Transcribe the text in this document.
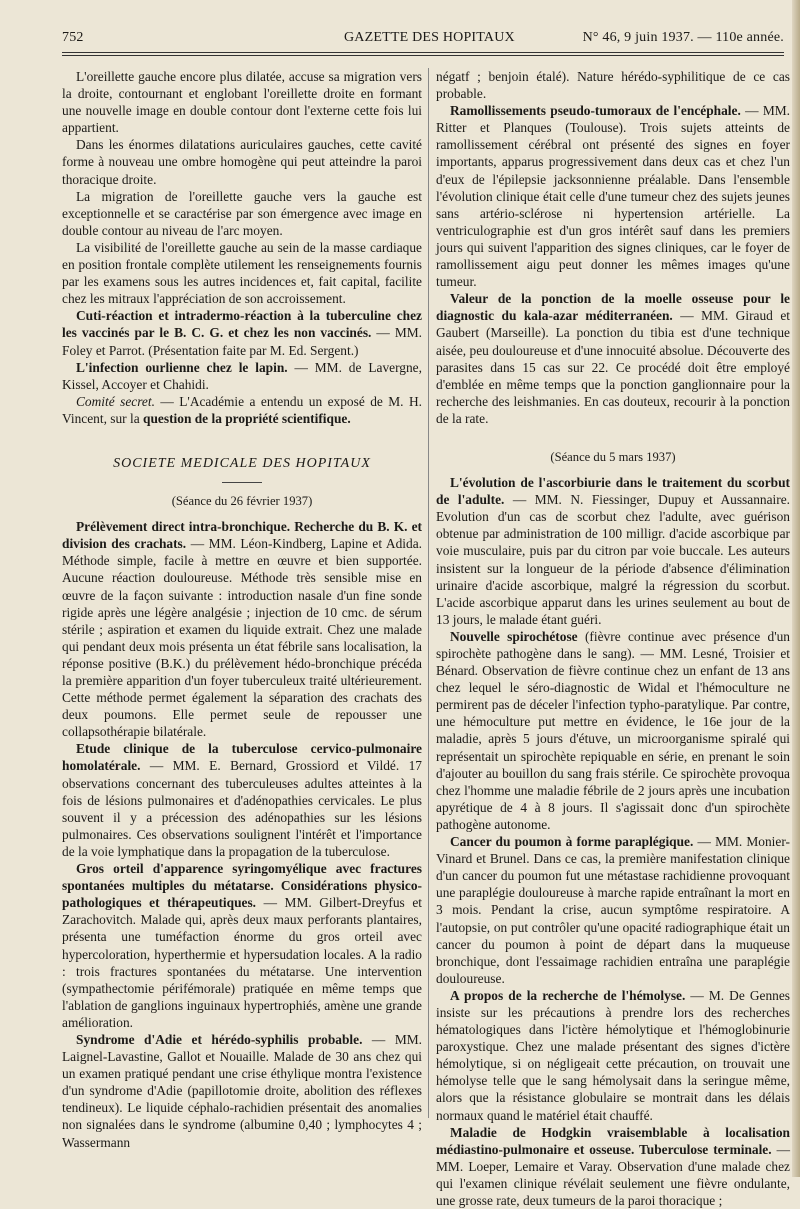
752	GAZETTE DES HOPITAUX	N° 46, 9 juin 1937. — 110e année.

L'oreillette gauche encore plus dilatée, accuse sa migration vers la droite, contournant et englobant l'oreillette droite en formant une nouvelle image en double contour dont l'externe cette fois lui appartient.

Dans les énormes dilatations auriculaires gauches, cette cavité forme à nouveau une ombre homogène qui peut atteindre la paroi thoracique droite.

La migration de l'oreillette gauche vers la gauche est exceptionnelle et se caractérise par son émergence avec image en double contour au niveau de l'arc moyen.

La visibilité de l'oreillette gauche au sein de la masse cardiaque en position frontale complète utilement les renseignements fournis par les examens sous les autres incidences et, fait capital, facilite chez les mitraux l'appréciation de son accroissement.

Cuti-réaction et intradermo-réaction à la tuberculine chez les vaccinés par le B. C. G. et chez les non vaccinés. — MM. Foley et Parrot. (Présentation faite par M. Ed. Sergent.)

L'infection ourlienne chez le lapin. — MM. de Lavergne, Kissel, Accoyer et Chahidi.

Comité secret. — L'Académie a entendu un exposé de M. H. Vincent, sur la question de la propriété scientifique.

SOCIETE MEDICALE DES HOPITAUX

(Séance du 26 février 1937)

Prélèvement direct intra-bronchique. Recherche du B. K. et division des crachats. — MM. Léon-Kindberg, Lapine et Adida. Méthode simple, facile à mettre en œuvre et bien supportée. Aucune réaction douloureuse. Méthode très sensible mise en œuvre de la façon suivante : introduction nasale d'un fine sonde rigide après une légère analgésie ; injection de 10 cmc. de sérum stérile ; aspiration et examen du liquide extrait. Chez une malade qui pendant deux mois présenta un état fébrile sans localisation, la réponse positive (B.K.) du prélèvement hédo-bronchique précéda la première apparition d'un foyer tuberculeux traité ultérieurement. Cette méthode permet également la séparation des crachats des deux poumons. Elle permet seule de repousser une collapsothérapie bilatérale.

Etude clinique de la tuberculose cervico-pulmonaire homolatérale. — MM. E. Bernard, Grossiord et Vildé. 17 observations concernant des tuberculeuses adultes atteintes à la fois de lésions pulmonaires et d'adénopathies cervicales. Le plus souvent il y a précession des adénopathies sur les lésions pulmonaires. Ces observations soulignent l'intérêt et l'importance de la voie lymphatique dans la propagation de la tuberculose.

Gros orteil d'apparence syringomyélique avec fractures spontanées multiples du métatarse. Considérations physico-pathologiques et thérapeutiques. — MM. Gilbert-Dreyfus et Zarachovitch. Malade qui, après deux maux perforants plantaires, présenta une tuméfaction énorme du gros orteil avec hypercoloration, hyperthermie et hypersudation locales. A la radio : trois fractures spontanées du métatarse. Une intervention (sympathectomie périfémorale) pratiquée en même temps que l'ablation de ganglions inguinaux hypertrophiés, amène une grande amélioration.

Syndrome d'Adie et hérédo-syphilis probable. — MM. Laignel-Lavastine, Gallot et Nouaille. Malade de 30 ans chez qui un examen pratiqué pendant une crise éthylique montra l'existence d'un syndrome d'Adie (papillotomie droite, abolition des réflexes tendineux). Le liquide céphalo-rachidien présentait des anomalies non signalées dans le syndrome (albumine 0,40 ; lymphocytes 4 ; Wassermann

négatf ; benjoin étalé). Nature hérédo-syphilitique de ce cas probable.

Ramollissements pseudo-tumoraux de l'encéphale. — MM. Ritter et Planques (Toulouse). Trois sujets atteints de ramollissement cérébral ont présenté des signes en foyer importants, apparus progressivement dans deux cas et chez l'un d'eux de l'épilepsie jacksonnienne préalable. Dans l'ensemble l'évolution clinique était celle d'une tumeur chez des sujets jeunes sans artério-sclérose ni hypertension artérielle. La ventriculographie est d'un gros intérêt sauf dans les premiers jours qui suivent l'apparition des signes cliniques, car le foyer de ramollissement aigu peut donner les mêmes images qu'une tumeur.

Valeur de la ponction de la moelle osseuse pour le diagnostic du kala-azar méditerranéen. — MM. Giraud et Gaubert (Marseille). La ponction du tibia est d'une technique aisée, peu douloureuse et d'une innocuité absolue. Découverte des parasites dans 15 cas sur 22. Ce procédé doit être employé d'emblée en même temps que la ponction ganglionnaire pour la recherche des leishmanies. En cas douteux, recourir à la ponction de la rate.

(Séance du 5 mars 1937)

L'évolution de l'ascorbiurie dans le traitement du scorbut de l'adulte. — MM. N. Fiessinger, Dupuy et Aussannaire. Evolution d'un cas de scorbut chez l'adulte, avec guérison obtenue par administration de 100 milligr. d'acide ascorbique par voie musculaire, puis par du citron par voie buccale. Les auteurs insistent sur la longueur de la période d'absence d'élimination urinaire d'acide ascorbique, malgré la régression du scorbut. L'acide ascorbique apparut dans les urines seulement au bout de 13 jours, le malade étant guéri.

Nouvelle spirochétose (fièvre continue avec présence d'un spirochète pathogène dans le sang). — MM. Lesné, Troisier et Bénard. Observation de fièvre continue chez un enfant de 13 ans chez lequel le séro-diagnostic de Widal et l'hémoculture ne permirent pas de déceler l'infection typho-paratylique. Par contre, une hémoculture put mettre en évidence, le 16e jour de la maladie, après 5 jours d'étuve, un microorganisme spiralé qui représentait un spirochète repiquable en série, en prenant le soin d'ajouter au bouillon du sang frais stérile. Ce spirochète provoqua chez l'homme une maladie fébrile de 2 jours après une incubation apyrétique de 4 à 8 jours. Il s'agissait donc d'un spirochète pathogène autonome.

Cancer du poumon à forme paraplégique. — MM. Monier-Vinard et Brunel. Dans ce cas, la première manifestation clinique d'un cancer du poumon fut une métastase rachidienne provoquant une paraplégie douloureuse à marche rapide entraînant la mort en 3 mois. Pendant la crise, aucun symptôme respiratoire. A l'autopsie, on put contrôler qu'une opacité radiographique était un cancer du poumon à point de départ dans la muqueuse bronchique, dont l'essaimage rachidien entraîna une paraplégie douloureuse.

A propos de la recherche de l'hémolyse. — M. De Gennes insiste sur les précautions à prendre lors des recherches hématologiques dans l'ictère hémolytique et l'hémoglobinurie paroxystique. Chez une malade présentant des signes d'ictère hémolytique, si on négligeait cette précaution, on trouvait une hémolyse telle que le sang hémolysait dans la seringue même, alors que la résistance globulaire se montrait dans les délais normaux quand le matériel était chauffé.

Maladie de Hodgkin vraisemblable à localisation médiastino-pulmonaire et osseuse. Tuberculose terminale. — MM. Loeper, Lemaire et Varay. Observation d'une malade chez qui l'examen clinique révélait seulement une fièvre ondulante, une grosse rate, deux tumeurs de la paroi thoracique ;
